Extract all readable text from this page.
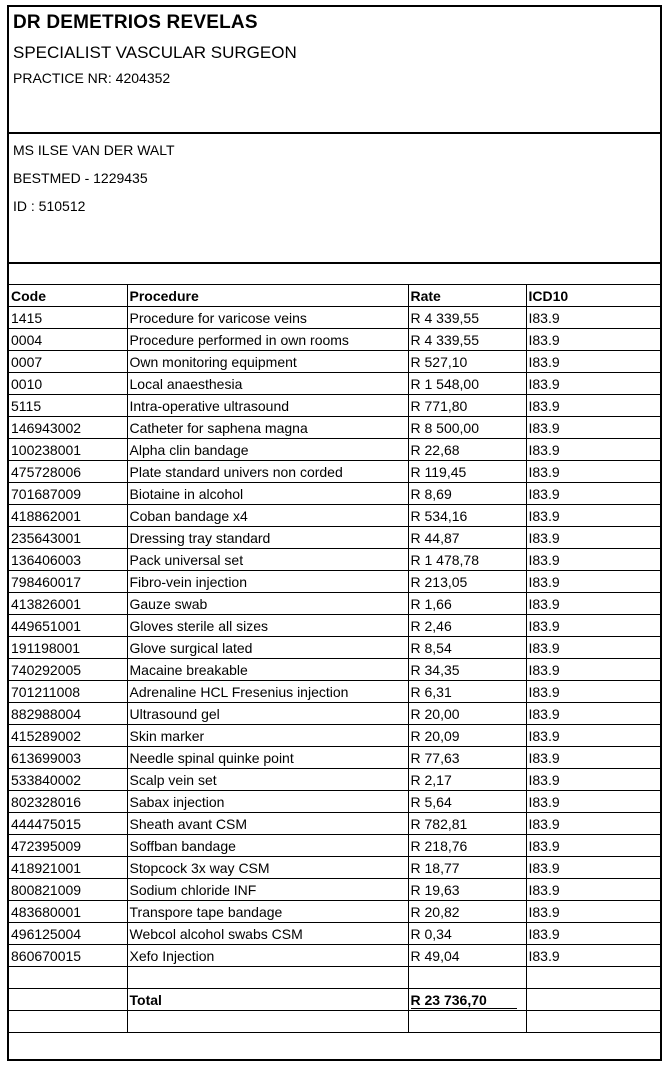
DR DEMETRIOS REVELAS
SPECIALIST VASCULAR SURGEON
PRACTICE NR: 4204352
MS ILSE VAN DER WALT
BESTMED - 1229435
ID : 510512
Code	Procedure	Rate	ICD10
1415	Procedure for varicose veins	R 4 339,55	I83.9
0004	Procedure performed in own rooms	R 4 339,55	I83.9
0007	Own monitoring equipment	R 527,10	I83.9
0010	Local anaesthesia	R 1 548,00	I83.9
5115	Intra-operative ultrasound	R 771,80	I83.9
146943002	Catheter for saphena magna	R 8 500,00	I83.9
100238001	Alpha clin bandage	R 22,68	I83.9
475728006	Plate standard univers non corded	R 119,45	I83.9
701687009	Biotaine in alcohol	R 8,69	I83.9
418862001	Coban bandage x4	R 534,16	I83.9
235643001	Dressing tray standard	R 44,87	I83.9
136406003	Pack universal set	R 1 478,78	I83.9
798460017	Fibro-vein injection	R 213,05	I83.9
413826001	Gauze swab	R 1,66	I83.9
449651001	Gloves sterile all sizes	R 2,46	I83.9
191198001	Glove surgical lated	R 8,54	I83.9
740292005	Macaine breakable	R 34,35	I83.9
701211008	Adrenaline HCL Fresenius injection	R 6,31	I83.9
882988004	Ultrasound gel	R 20,00	I83.9
415289002	Skin marker	R 20,09	I83.9
613699003	Needle spinal quinke point	R 77,63	I83.9
533840002	Scalp vein set	R 2,17	I83.9
802328016	Sabax injection	R 5,64	I83.9
444475015	Sheath avant CSM	R 782,81	I83.9
472395009	Soffban bandage	R 218,76	I83.9
418921001	Stopcock 3x way CSM	R 18,77	I83.9
800821009	Sodium chloride INF	R 19,63	I83.9
483680001	Transpore tape bandage	R 20,82	I83.9
496125004	Webcol alcohol swabs CSM	R 0,34	I83.9
860670015	Xefo Injection	R 49,04	I83.9

	Total	R 23 736,70	
